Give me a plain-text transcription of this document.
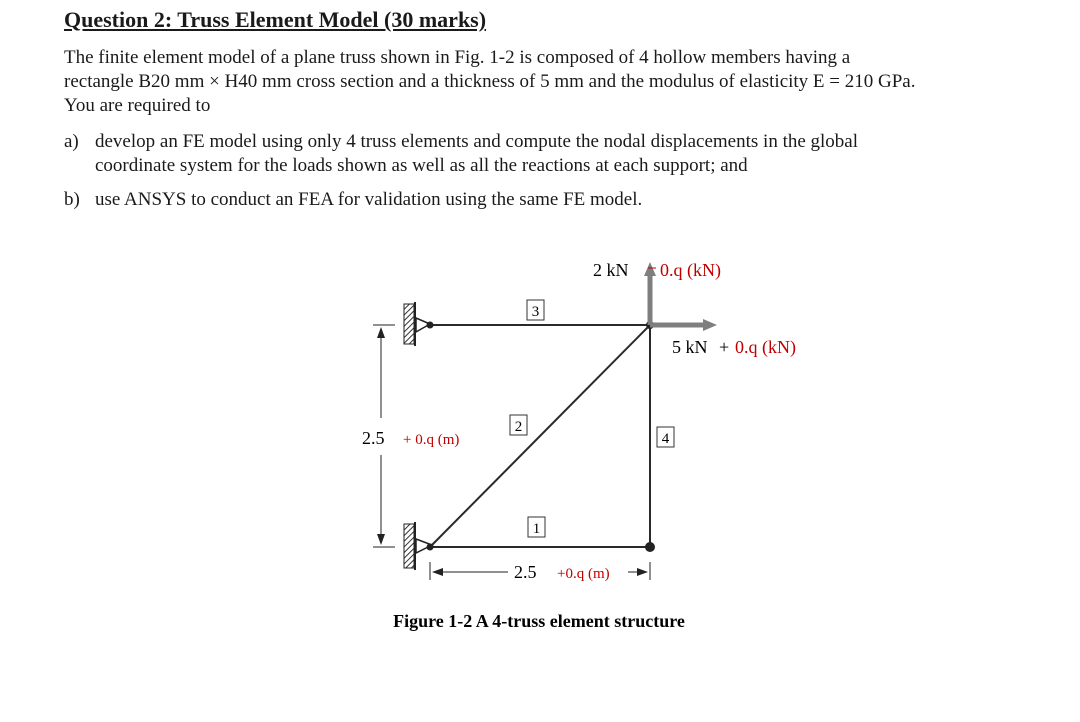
Question 2: Truss Element Model (30 marks)

The finite element model of a plane truss shown in Fig. 1-2 is composed of 4 hollow members having a
rectangle B20 mm × H40 mm cross section and a thickness of 5 mm and the modulus of elasticity E = 210 GPa.
You are required to

a) develop an FE model using only 4 truss elements and compute the nodal displacements in the global
coordinate system for the loads shown as well as all the reactions at each support; and
b) use ANSYS to conduct an FEA for validation using the same FE model.
2 kN 0.q (kN)
5 kN + 0.q (kN)
3
2
1
4
2.5 + 0.q (m)
2.5 +0.q (m)
Figure 1-2 A 4-truss element structure
